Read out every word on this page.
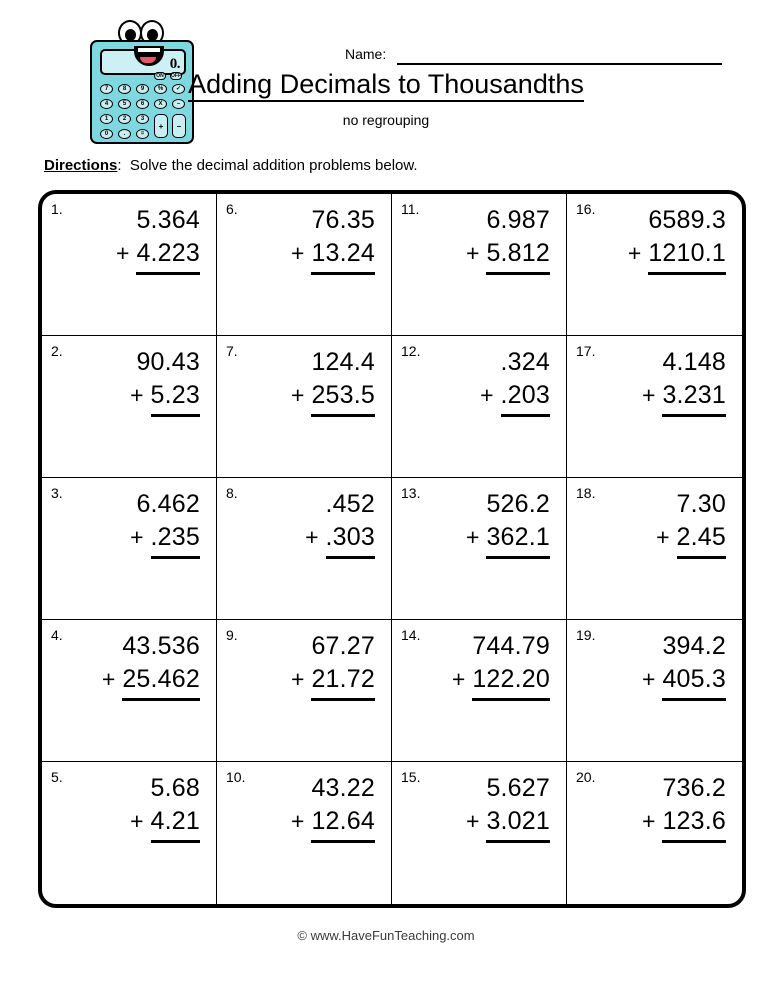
0.
ON	OFF
7	8	9	%	✓
4	5	6	X	–
1	2	3
0	.	=
+	–
Name:
Adding Decimals to Thousandths
no regrouping
Directions: Solve the decimal addition problems below.
1.	5.364
+ 4.223
6.	76.35
+ 13.24
11.	6.987
+ 5.812
16.	6589.3
+ 1210.1
2.	90.43
+ 5.23
7.	124.4
+ 253.5
12.	.324
+ .203
17.	4.148
+ 3.231
3.	6.462
+ .235
8.	.452
+ .303
13.	526.2
+ 362.1
18.	7.30
+ 2.45
4.	43.536
+ 25.462
9.	67.27
+ 21.72
14.	744.79
+ 122.20
19.	394.2
+ 405.3
5.	5.68
+ 4.21
10.	43.22
+ 12.64
15.	5.627
+ 3.021
20.	736.2
+ 123.6
© www.HaveFunTeaching.com
